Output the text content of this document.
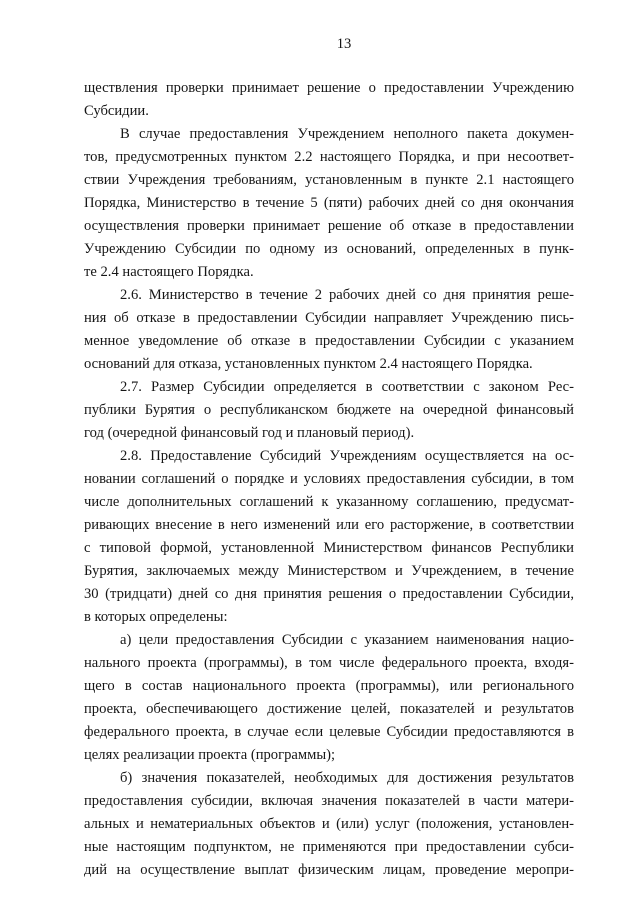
13
ществления проверки принимает решение о предоставлении Учреждению
Субсидии.
В случае предоставления Учреждением неполного пакета докумен-
тов, предусмотренных пунктом 2.2 настоящего Порядка, и при несоответ-
ствии Учреждения требованиям, установленным в пункте 2.1 настоящего
Порядка, Министерство в течение 5 (пяти) рабочих дней со дня окончания
осуществления проверки принимает решение об отказе в предоставлении
Учреждению Субсидии по одному из оснований, определенных в пунк-
те 2.4 настоящего Порядка.
2.6. Министерство в течение 2 рабочих дней со дня принятия реше-
ния об отказе в предоставлении Субсидии направляет Учреждению пись-
менное уведомление об отказе в предоставлении Субсидии с указанием
оснований для отказа, установленных пунктом 2.4 настоящего Порядка.
2.7. Размер Субсидии определяется в соответствии с законом Рес-
публики Бурятия о республиканском бюджете на очередной финансовый
год (очередной финансовый год и плановый период).
2.8. Предоставление Субсидий Учреждениям осуществляется на ос-
новании соглашений о порядке и условиях предоставления субсидии, в том
числе дополнительных соглашений к указанному соглашению, предусмат-
ривающих внесение в него изменений или его расторжение, в соответствии
с типовой формой, установленной Министерством финансов Республики
Бурятия, заключаемых между Министерством и Учреждением, в течение
30 (тридцати) дней со дня принятия решения о предоставлении Субсидии,
в которых определены:
а) цели предоставления Субсидии с указанием наименования нацио-
нального проекта (программы), в том числе федерального проекта, входя-
щего в состав национального проекта (программы), или регионального
проекта, обеспечивающего достижение целей, показателей и результатов
федерального проекта, в случае если целевые Субсидии предоставляются в
целях реализации проекта (программы);
б) значения показателей, необходимых для достижения результатов
предоставления субсидии, включая значения показателей в части матери-
альных и нематериальных объектов и (или) услуг (положения, установлен-
ные настоящим подпунктом, не применяются при предоставлении субси-
дий на осуществление выплат физическим лицам, проведение меропри-
